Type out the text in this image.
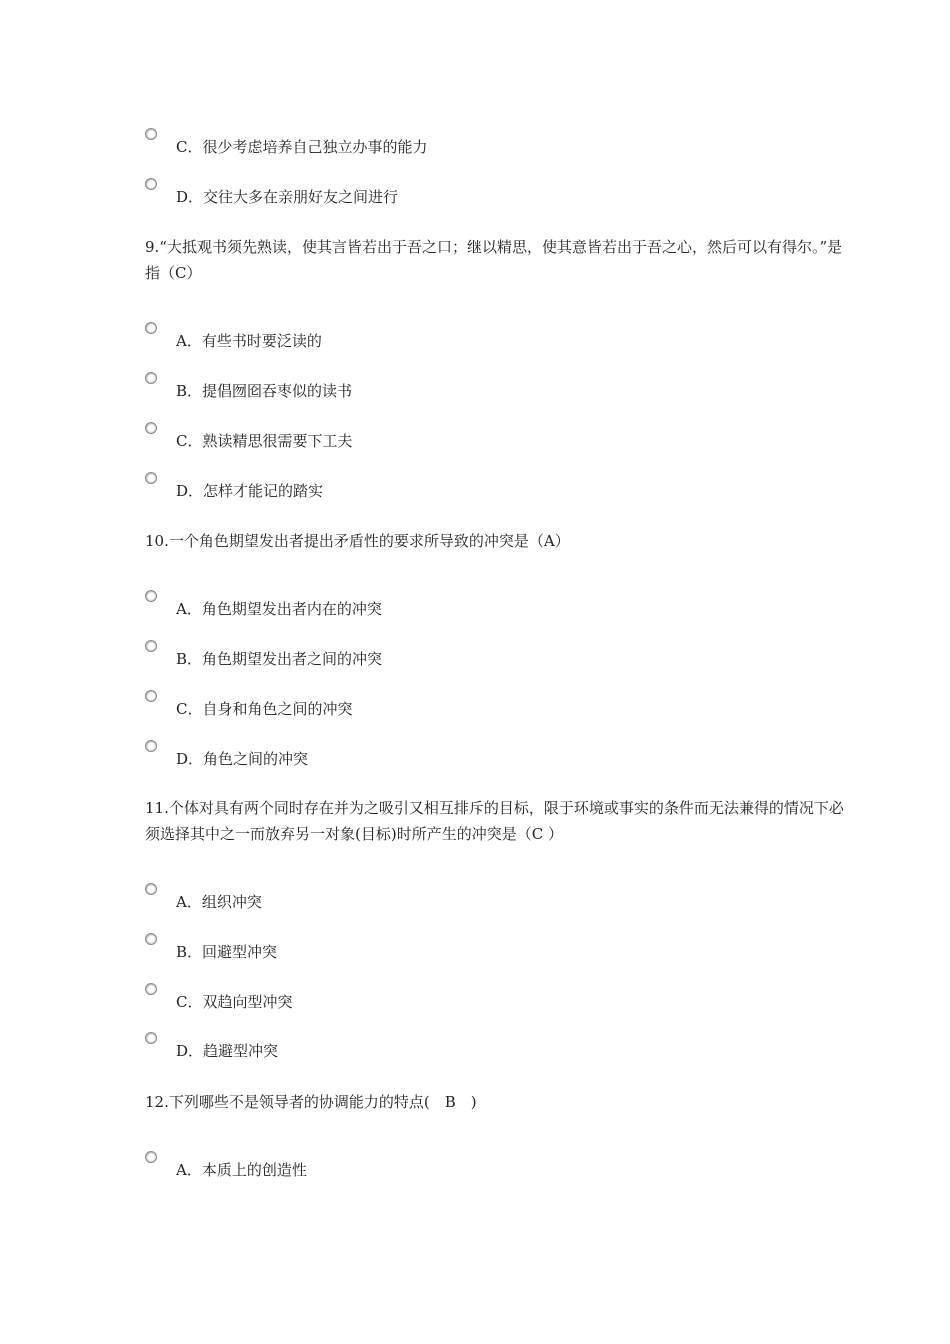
C．很少考虑培养自己独立办事的能力
D．交往大多在亲朋好友之间进行

9.“大抵观书须先熟读，使其言皆若出于吾之口；继以精思，使其意皆若出于吾之心，然后可以有得尔。”是指（C）

A．有些书时要泛读的
B．提倡囫囵吞枣似的读书
C．熟读精思很需要下工夫
D．怎样才能记的踏实

10.一个角色期望发出者提出矛盾性的要求所导致的冲突是（A）

A．角色期望发出者内在的冲突
B．角色期望发出者之间的冲突
C．自身和角色之间的冲突
D．角色之间的冲突

11.个体对具有两个同时存在并为之吸引又相互排斥的目标，限于环境或事实的条件而无法兼得的情况下必须选择其中之一而放弃另一对象(目标)时所产生的冲突是（C ）

A．组织冲突
B．回避型冲突
C．双趋向型冲突
D．趋避型冲突

12.下列哪些不是领导者的协调能力的特点(　B　)

A．本质上的创造性
